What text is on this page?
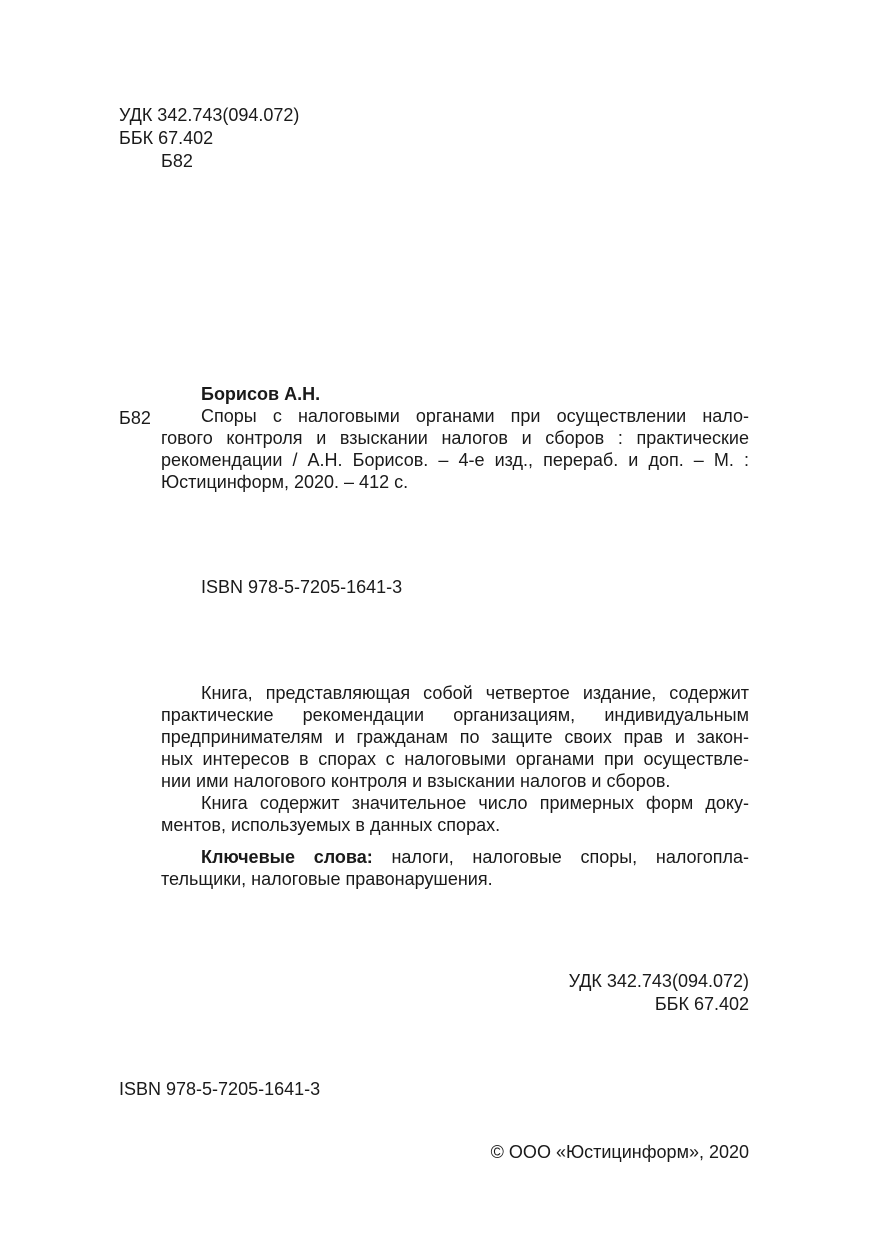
УДК 342.743(094.072)
ББК 67.402
Б82
Борисов А.Н.
Б82	Споры с налоговыми органами при осуществлении нало-
гового контроля и взыскании налогов и сборов : практические
рекомендации / А.Н. Борисов. – 4-е изд., перераб. и доп. – М. :
Юстицинформ, 2020. – 412 с.
ISBN 978-5-7205-1641-3
Книга, представляющая собой четвертое издание, содержит
практические рекомендации организациям, индивидуальным
предпринимателям и гражданам по защите своих прав и закон-
ных интересов в спорах с налоговыми органами при осуществле-
нии ими налогового контроля и взыскании налогов и сборов.
Книга содержит значительное число примерных форм доку-
ментов, используемых в данных спорах.
Ключевые слова: налоги, налоговые споры, налогопла-
тельщики, налоговые правонарушения.
УДК 342.743(094.072)
ББК 67.402
ISBN 978-5-7205-1641-3
© ООО «Юстицинформ», 2020
